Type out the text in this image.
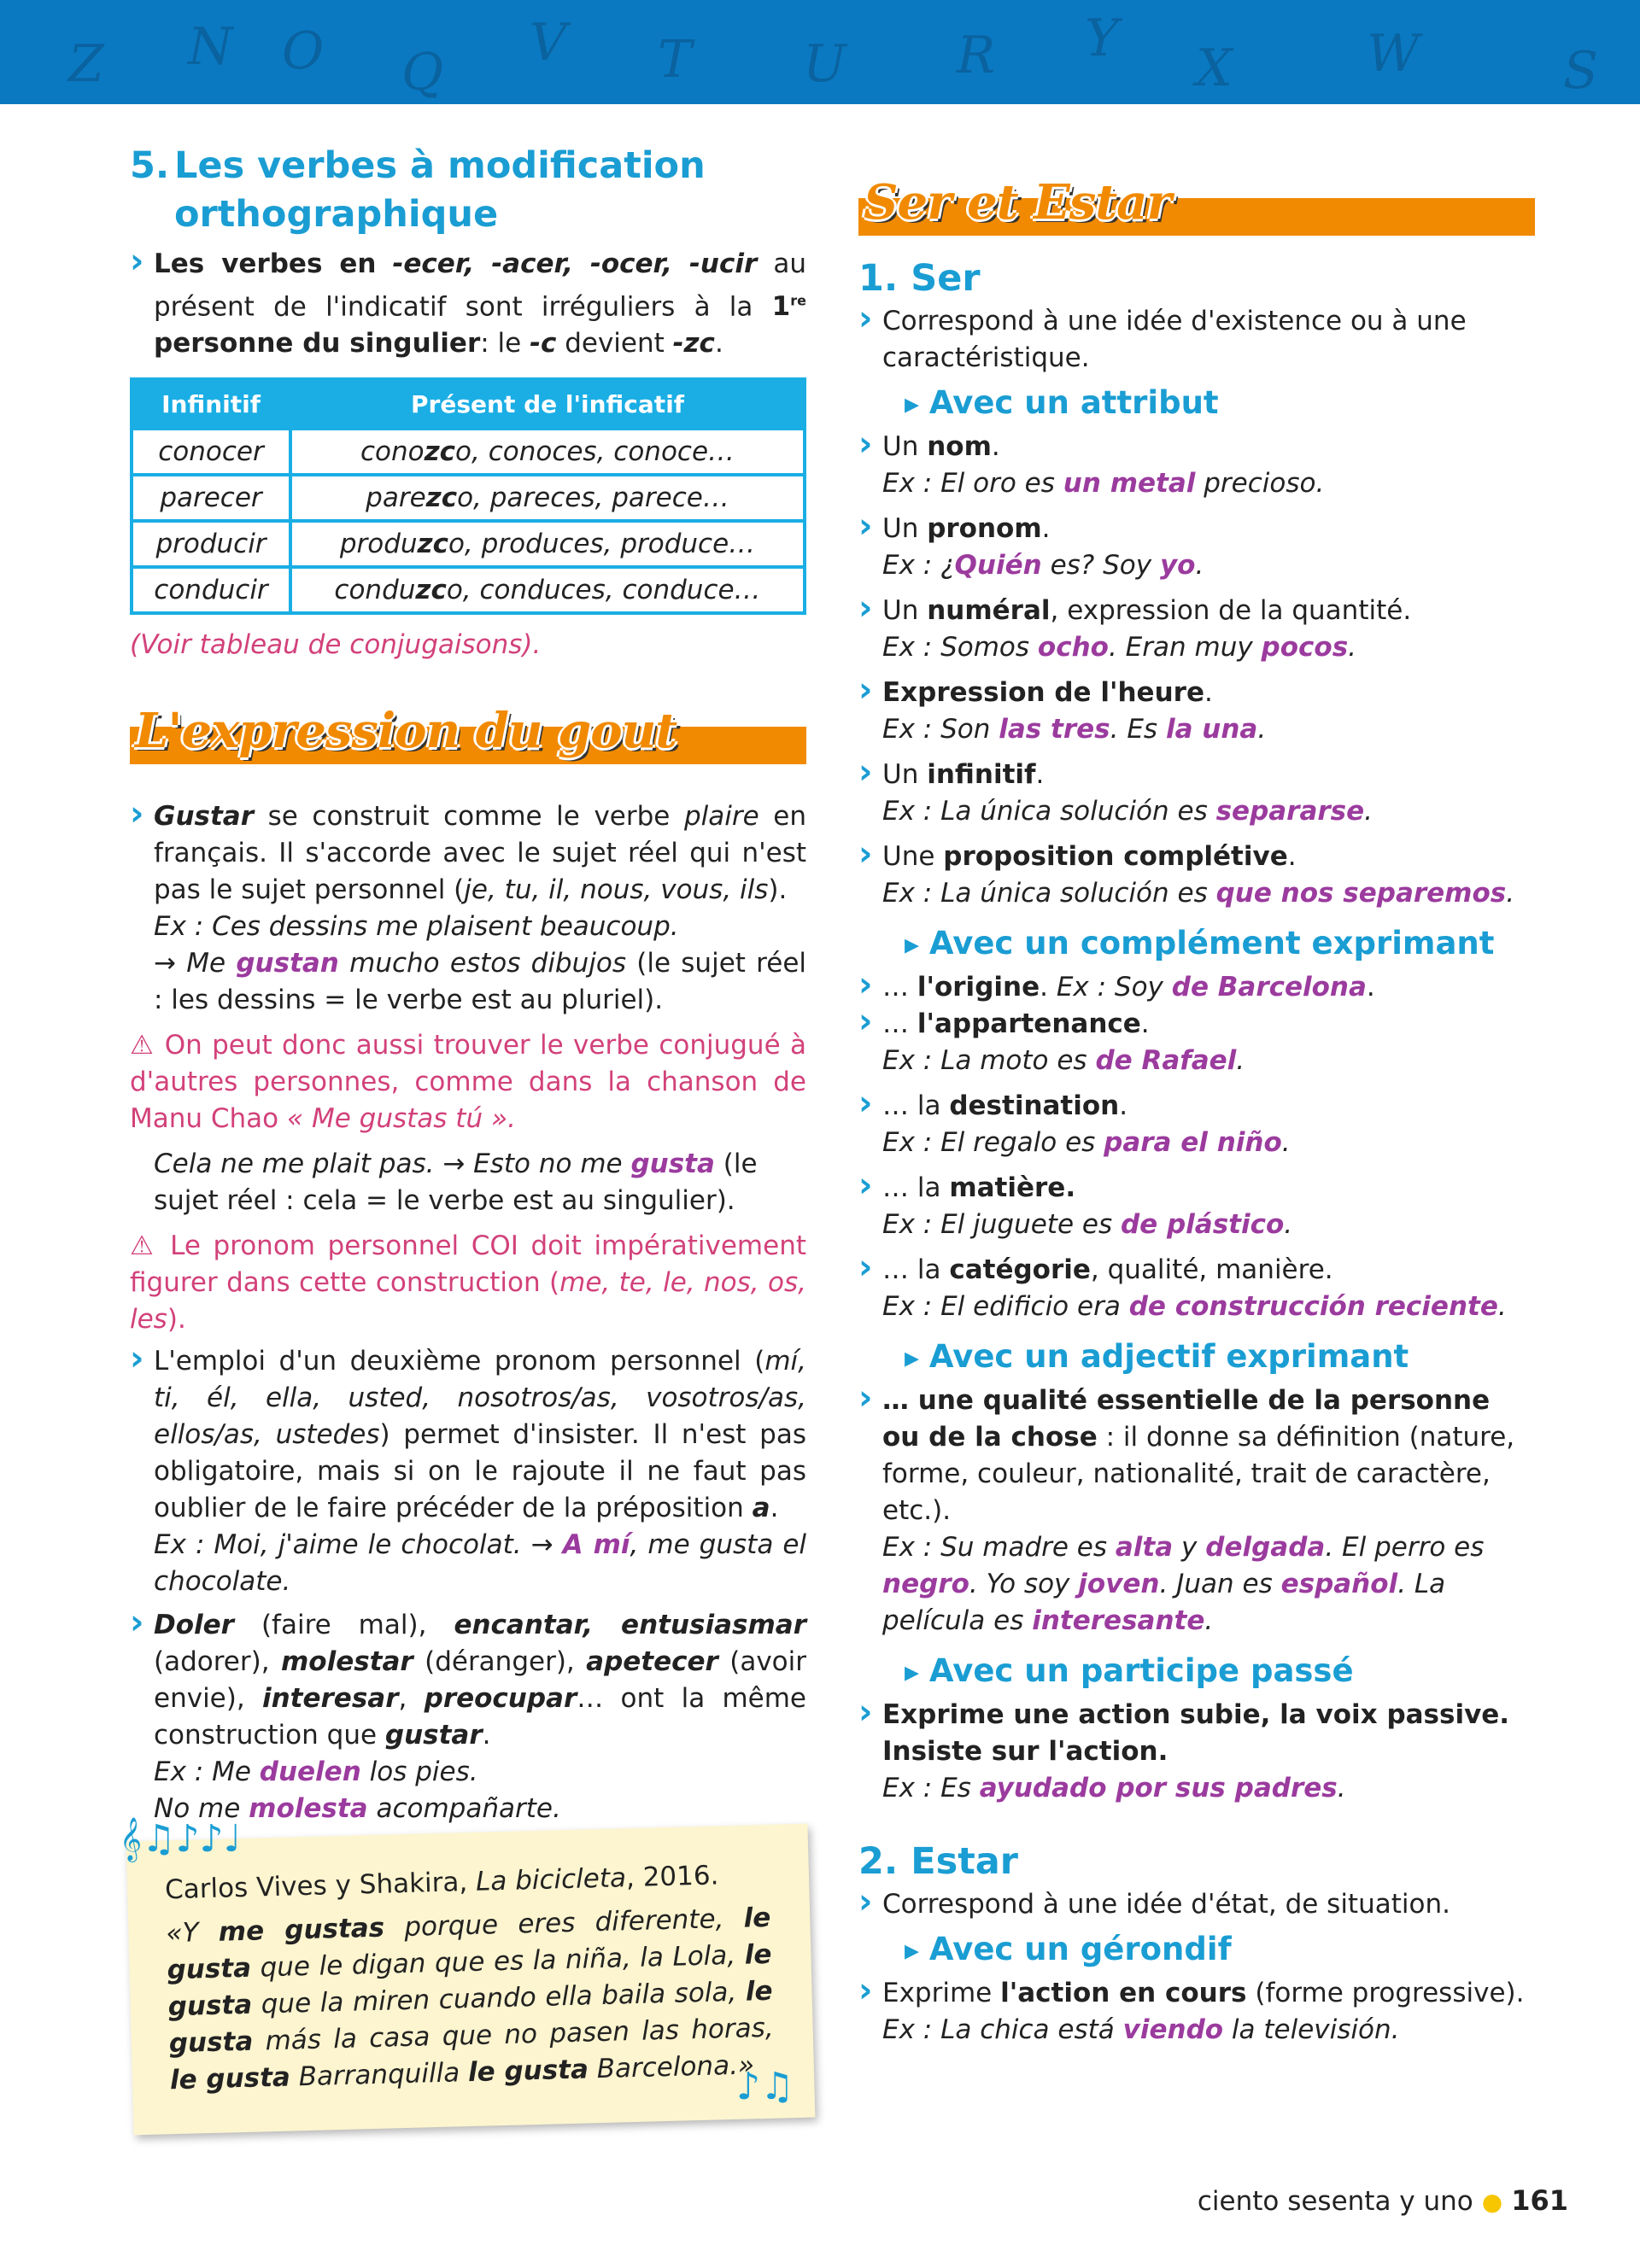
Z N O Q V T U R Y X	W	S
5. Les verbes à modification
orthographique
› Les verbes en -ecer, -acer, -ocer, -ucir au présent de l'indicatif sont irréguliers à la 1re personne du singulier: le -c devient -zc.
Infinitif	Présent de l'inficatif
conocer	conozco, conoces, conoce…
parecer	parezco, pareces, parece…
producir	produzco, produces, produce…
conducir	conduzco, conduces, conduce…

(Voir tableau de conjugaisons).

L'expression du gout
› Gustar se construit comme le verbe plaire en français. Il s'accorde avec le sujet réel qui n'est pas le sujet personnel (je, tu, il, nous, vous, ils).
Ex : Ces dessins me plaisent beaucoup.
→ Me gustan mucho estos dibujos (le sujet réel : les dessins = le verbe est au pluriel).
⚠ On peut donc aussi trouver le verbe conjugué à d'autres personnes, comme dans la chanson de Manu Chao « Me gustas tú ».
Cela ne me plait pas. → Esto no me gusta (le sujet réel : cela = le verbe est au singulier).
⚠ Le pronom personnel COI doit impérativement figurer dans cette construction (me, te, le, nos, os, les).
› L'emploi d'un deuxième pronom personnel (mí, ti, él, ella, usted, nosotros/as, vosotros/as, ellos/as, ustedes) permet d'insister. Il n'est pas obligatoire, mais si on le rajoute il ne faut pas oublier de le faire précéder de la préposition a.
Ex : Moi, j'aime le chocolat. → A mí, me gusta el chocolate.
› Doler (faire mal), encantar, entusiasmar (adorer), molestar (déranger), apetecer (avoir envie), interesar, preocupar… ont la même construction que gustar.
Ex : Me duelen los pies.
No me molesta acompañarte.
Carlos Vives y Shakira, La bicicleta, 2016.
«Y me gustas porque eres diferente, le gusta que le digan que es la niña, la Lola, le gusta que la miren cuando ella baila sola, le gusta más la casa que no pasen las horas, le gusta Barranquilla le gusta Barcelona.»
𝄞♫♪♪♩
♪♫
Ser et Estar
1. Ser
› Correspond à une idée d'existence ou à une caractéristique.
▸ Avec un attribut
› Un nom.
Ex : El oro es un metal precioso.
› Un pronom.
Ex : ¿Quién es? Soy yo.
› Un numéral, expression de la quantité.
Ex : Somos ocho. Eran muy pocos.
› Expression de l'heure.
Ex : Son las tres. Es la una.
› Un infinitif.
Ex : La única solución es separarse.
› Une proposition complétive.
Ex : La única solución es que nos separemos.
▸ Avec un complément exprimant
› … l'origine. Ex : Soy de Barcelona.
› … l'appartenance.
Ex : La moto es de Rafael.
› … la destination.
Ex : El regalo es para el niño.
› … la matière.
Ex : El juguete es de plástico.
› … la catégorie, qualité, manière.
Ex : El edificio era de construcción reciente.
▸ Avec un adjectif exprimant
› … une qualité essentielle de la personne ou de la chose : il donne sa définition (nature, forme, couleur, nationalité, trait de caractère, etc.).
Ex : Su madre es alta y delgada. El perro es negro. Yo soy joven. Juan es español. La película es interesante.
▸ Avec un participe passé
› Exprime une action subie, la voix passive. Insiste sur l'action.
Ex : Es ayudado por sus padres.
2. Estar
› Correspond à une idée d'état, de situation.
▸ Avec un gérondif
› Exprime l'action en cours (forme progressive).
Ex : La chica está viendo la televisión.
ciento sesenta y uno ● 161
